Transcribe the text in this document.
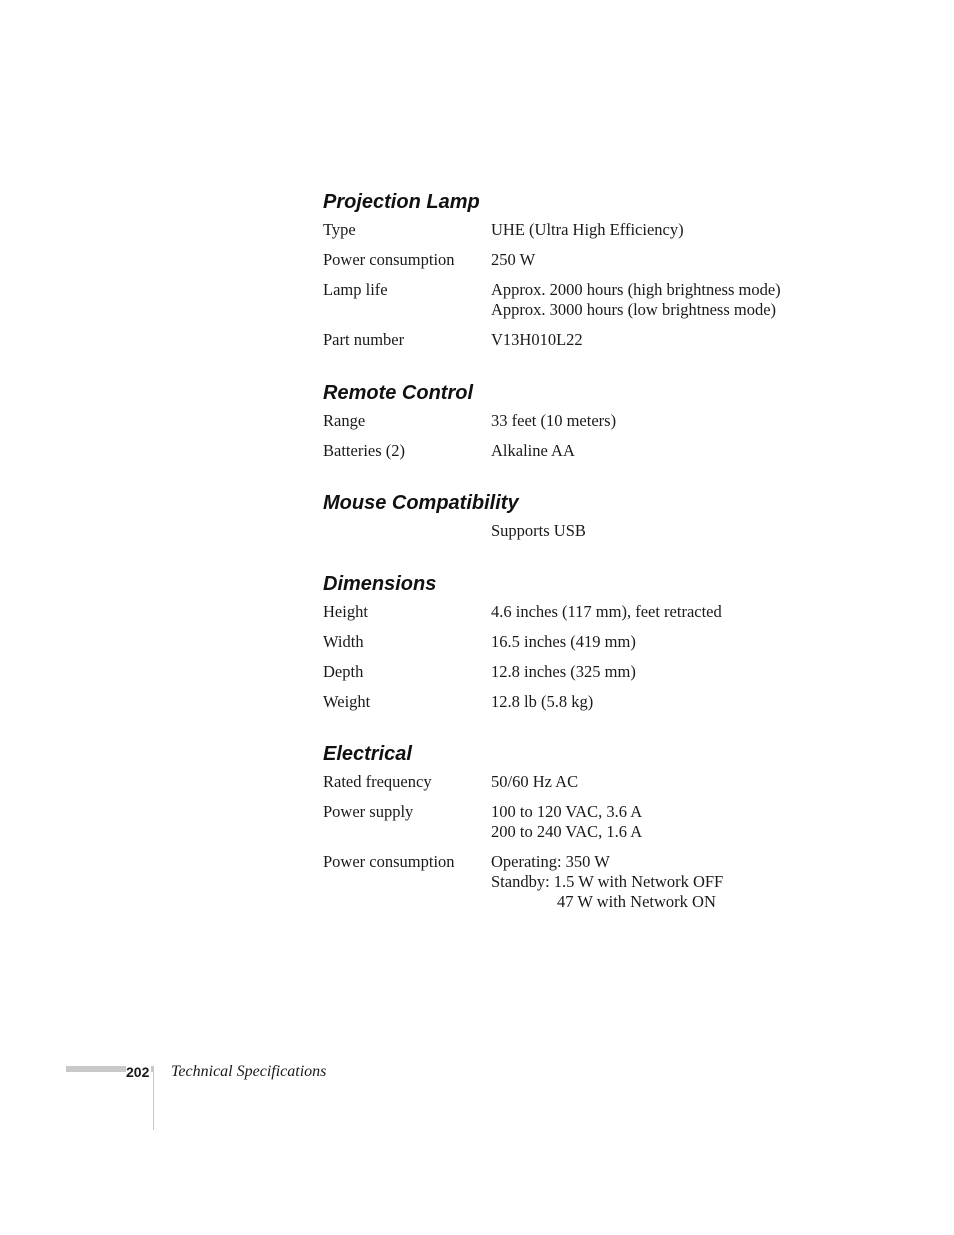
Projection Lamp
Type	UHE (Ultra High Efficiency)
Power consumption	250 W
Lamp life	Approx. 2000 hours (high brightness mode)
Approx. 3000 hours (low brightness mode)
Part number	V13H010L22
Remote Control
Range	33 feet (10 meters)
Batteries (2)	Alkaline AA
Mouse Compatibility
Supports USB
Dimensions
Height	4.6 inches (117 mm), feet retracted
Width	16.5 inches (419 mm)
Depth	12.8 inches (325 mm)
Weight	12.8 lb (5.8 kg)
Electrical
Rated frequency	50/60 Hz AC
Power supply	100 to 120 VAC, 3.6 A
200 to 240 VAC, 1.6 A
Power consumption	Operating: 350 W
Standby: 1.5 W with Network OFF
47 W with Network ON
202 Technical Specifications
